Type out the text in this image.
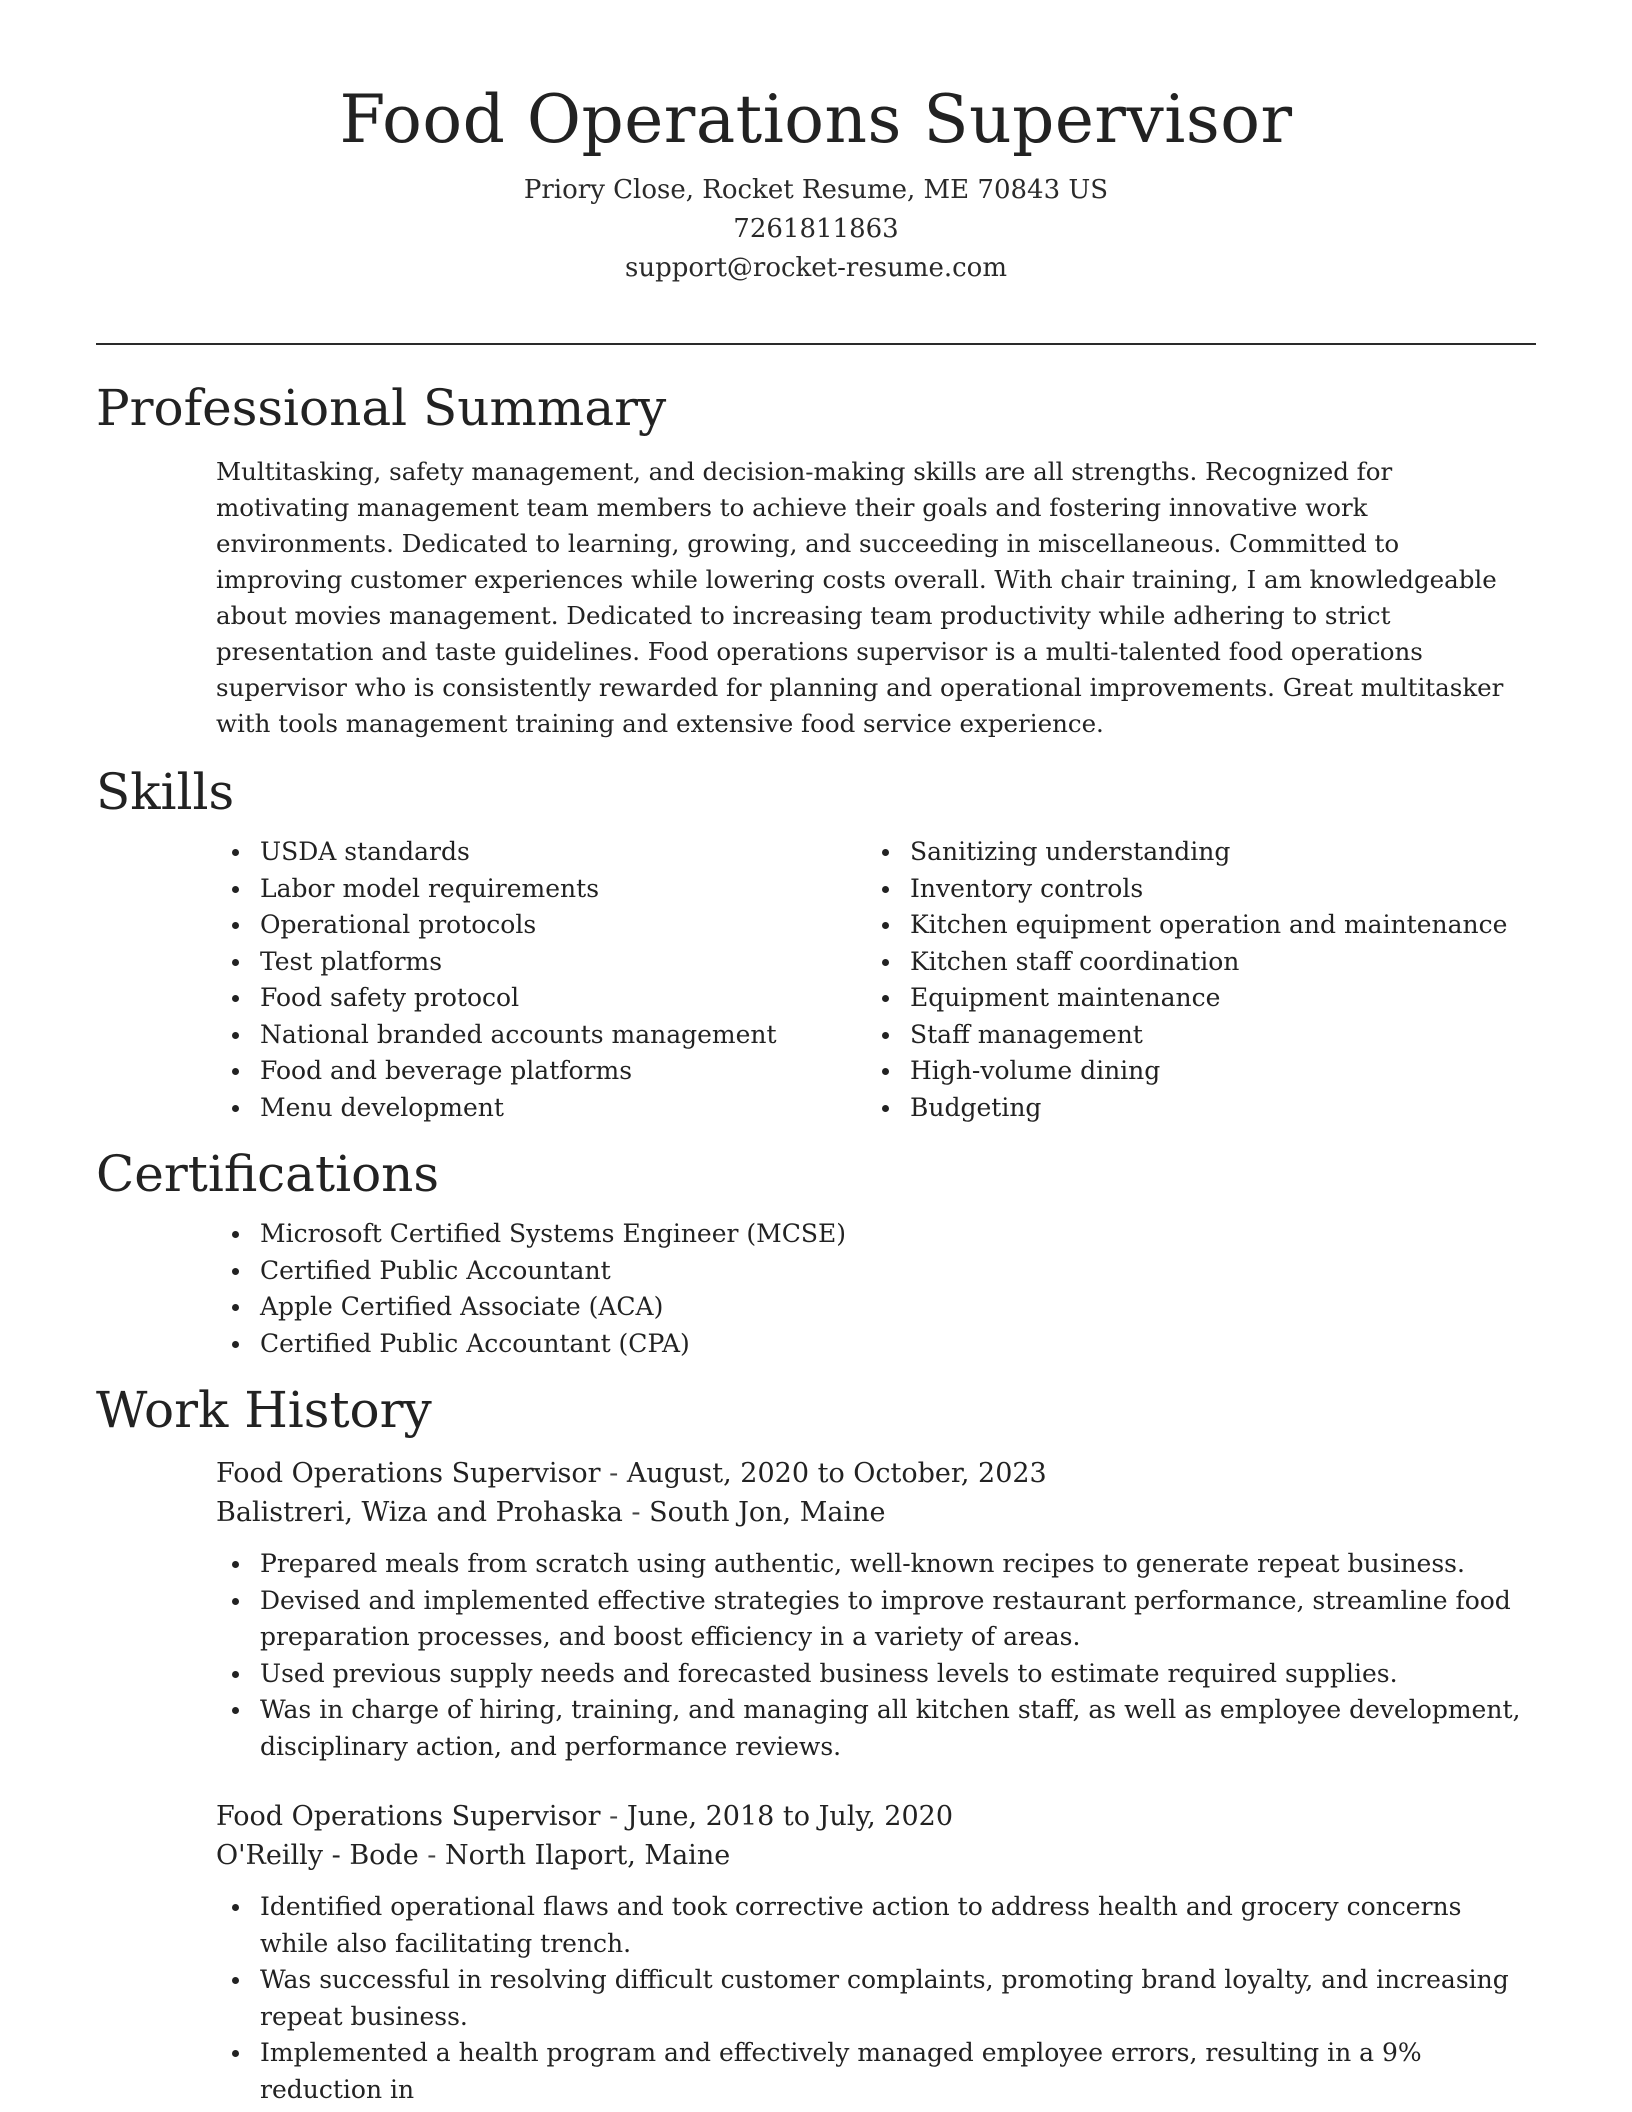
Food Operations Supervisor
Priory Close, Rocket Resume, ME 70843 US
7261811863
support@rocket-resume.com
Professional Summary

Multitasking, safety management, and decision-making skills are all strengths. Recognized for motivating management team members to achieve their goals and fostering innovative work environments. Dedicated to learning, growing, and succeeding in miscellaneous. Committed to improving customer experiences while lowering costs overall. With chair training, I am knowledgeable about movies management. Dedicated to increasing team productivity while adhering to strict presentation and taste guidelines. Food operations supervisor is a multi-talented food operations supervisor who is consistently rewarded for planning and operational improvements. Great multitasker with tools management training and extensive food service experience.

Skills
USDA standards
Labor model requirements
Operational protocols
Test platforms
Food safety protocol
National branded accounts management
Food and beverage platforms
Menu development
Sanitizing understanding
Inventory controls
Kitchen equipment operation and maintenance
Kitchen staff coordination
Equipment maintenance
Staff management
High-volume dining
Budgeting
Certifications
Microsoft Certified Systems Engineer (MCSE)
Certified Public Accountant
Apple Certified Associate (ACA)
Certified Public Accountant (CPA)
Work History
Food Operations Supervisor - August, 2020 to October, 2023
Balistreri, Wiza and Prohaska - South Jon, Maine
Prepared meals from scratch using authentic, well-known recipes to generate repeat business.
Devised and implemented effective strategies to improve restaurant performance, streamline food preparation processes, and boost efficiency in a variety of areas.
Used previous supply needs and forecasted business levels to estimate required supplies.
Was in charge of hiring, training, and managing all kitchen staff, as well as employee development, disciplinary action, and performance reviews.
Food Operations Supervisor - June, 2018 to July, 2020
O'Reilly - Bode - North Ilaport, Maine
Identified operational flaws and took corrective action to address health and grocery concerns while also facilitating trench.
Was successful in resolving difficult customer complaints, promoting brand loyalty, and increasing repeat business.
Implemented a health program and effectively managed employee errors, resulting in a 9% reduction in
